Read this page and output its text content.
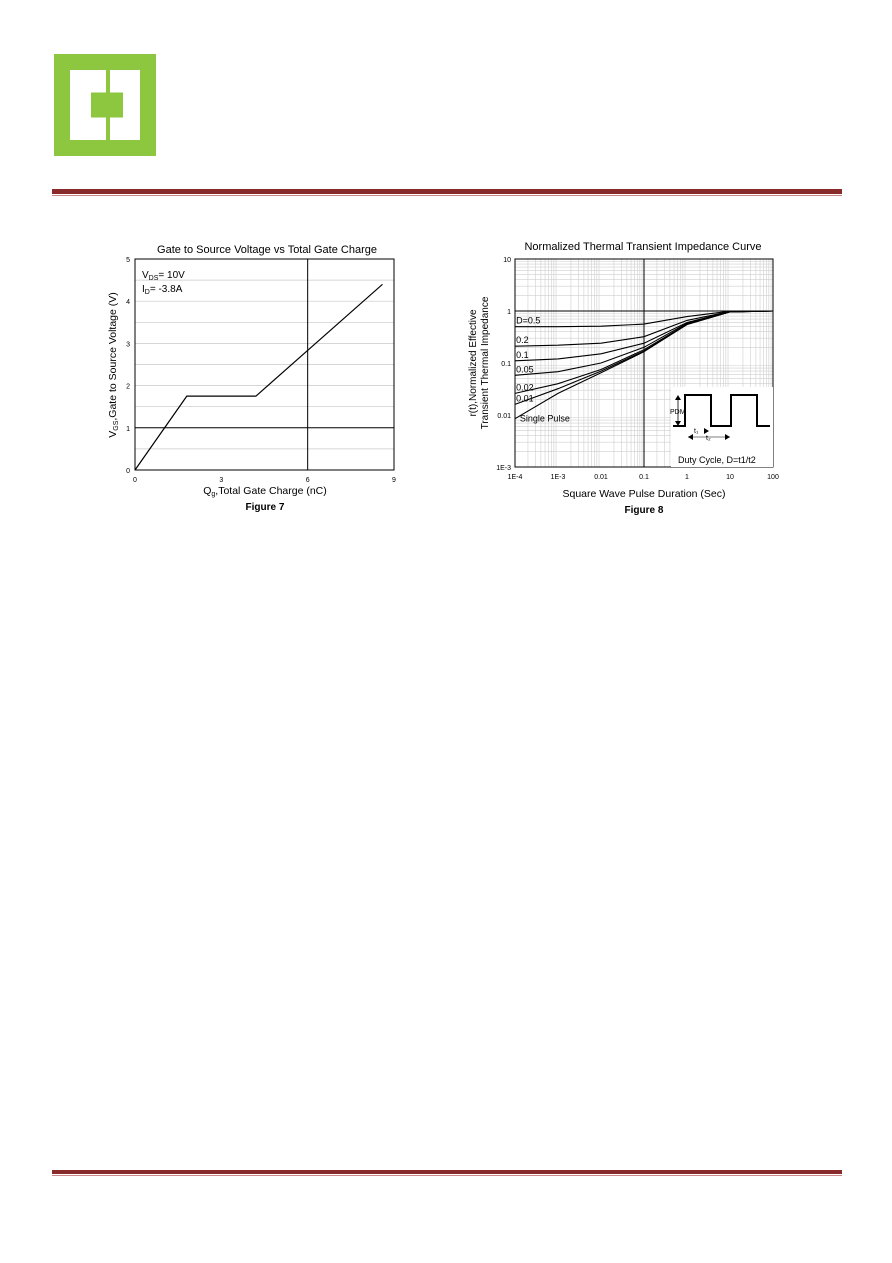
Gate to Source Voltage vs Total Gate Charge
0	3	6	9
0
1
2
3
4
5
$V_{DS}= 10V$
$I_D= -3.8A$
Qg,Total Gate Charge (nC)
VGS,Gate to Source Voltage (V)
Figure 7
Normalized Thermal Transient Impedance Curve
1E-4	1E-3	0.01	0.1	1	10	100
1E-3
0.01
0.1
1
10
D=0.5
0.2
0.1
0.05
0.02
0.01
Single Pulse
PDM
t₁
t₂
Duty Cycle, D=t1/t2
Square Wave Pulse Duration (Sec)
r(t),Normalized Effective Transient Thermal Impedance
Figure 8
